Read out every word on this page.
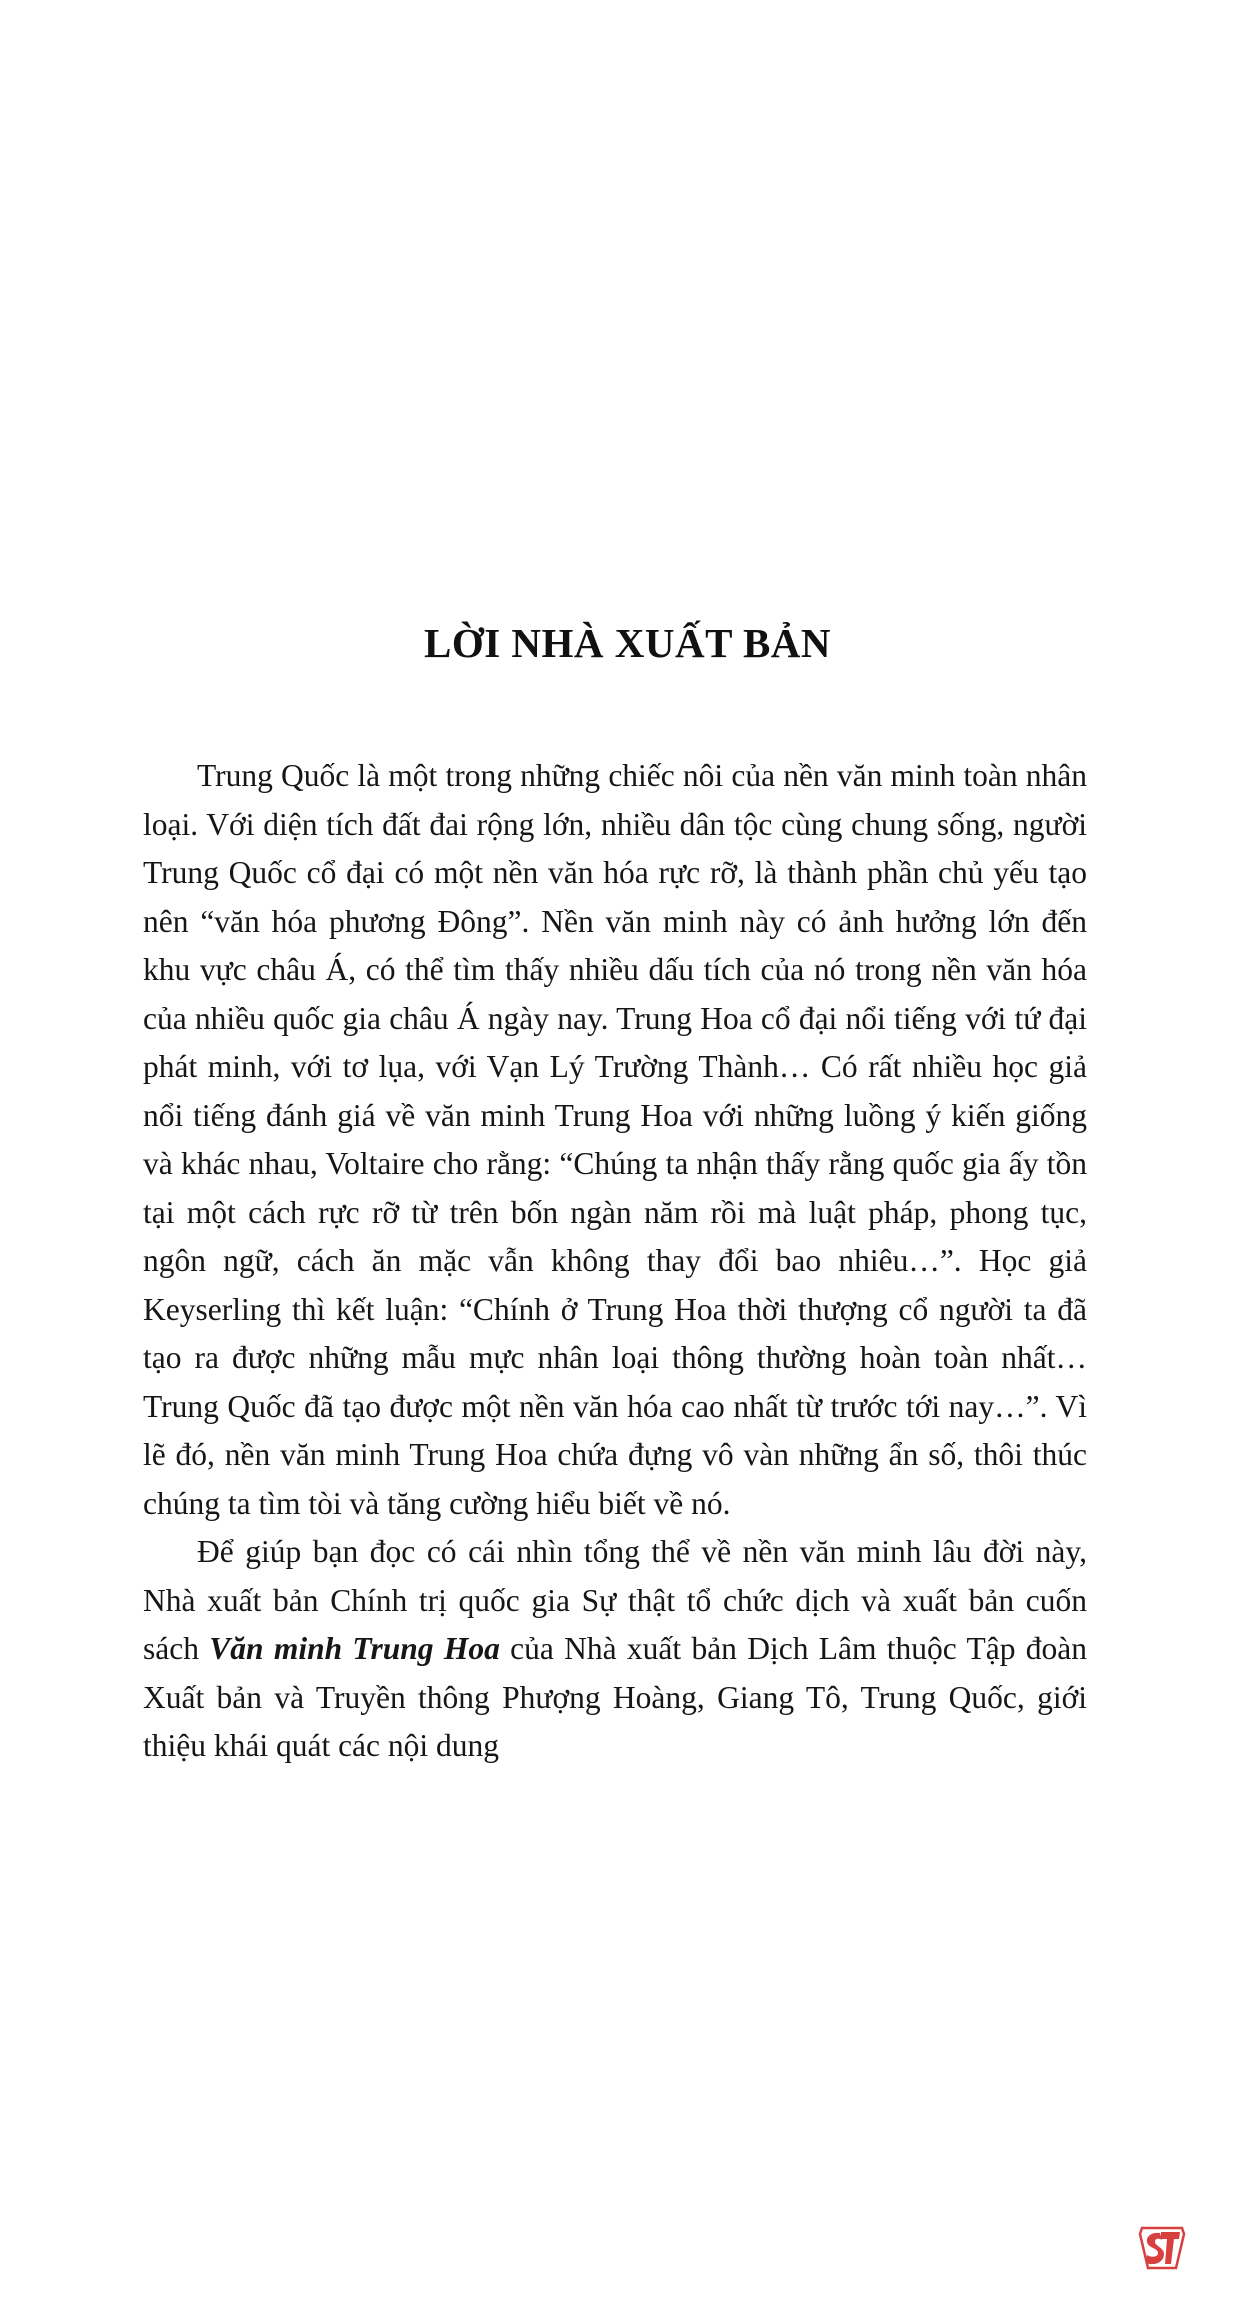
LỜI NHÀ XUẤT BẢN

Trung Quốc là một trong những chiếc nôi của nền văn minh toàn nhân loại. Với diện tích đất đai rộng lớn, nhiều dân tộc cùng chung sống, người Trung Quốc cổ đại có một nền văn hóa rực rỡ, là thành phần chủ yếu tạo nên “văn hóa phương Đông”. Nền văn minh này có ảnh hưởng lớn đến khu vực châu Á, có thể tìm thấy nhiều dấu tích của nó trong nền văn hóa của nhiều quốc gia châu Á ngày nay. Trung Hoa cổ đại nổi tiếng với tứ đại phát minh, với tơ lụa, với Vạn Lý Trường Thành… Có rất nhiều học giả nổi tiếng đánh giá về văn minh Trung Hoa với những luồng ý kiến giống và khác nhau, Voltaire cho rằng: “Chúng ta nhận thấy rằng quốc gia ấy tồn tại một cách rực rỡ từ trên bốn ngàn năm rồi mà luật pháp, phong tục, ngôn ngữ, cách ăn mặc vẫn không thay đổi bao nhiêu…”. Học giả Keyserling thì kết luận: “Chính ở Trung Hoa thời thượng cổ người ta đã tạo ra được những mẫu mực nhân loại thông thường hoàn toàn nhất… Trung Quốc đã tạo được một nền văn hóa cao nhất từ trước tới nay…”. Vì lẽ đó, nền văn minh Trung Hoa chứa đựng vô vàn những ẩn số, thôi thúc chúng ta tìm tòi và tăng cường hiểu biết về nó.

Để giúp bạn đọc có cái nhìn tổng thể về nền văn minh lâu đời này, Nhà xuất bản Chính trị quốc gia Sự thật tổ chức dịch và xuất bản cuốn sách Văn minh Trung Hoa của Nhà xuất bản Dịch Lâm thuộc Tập đoàn Xuất bản và Truyền thông Phượng Hoàng, Giang Tô, Trung Quốc, giới thiệu khái quát các nội dung
